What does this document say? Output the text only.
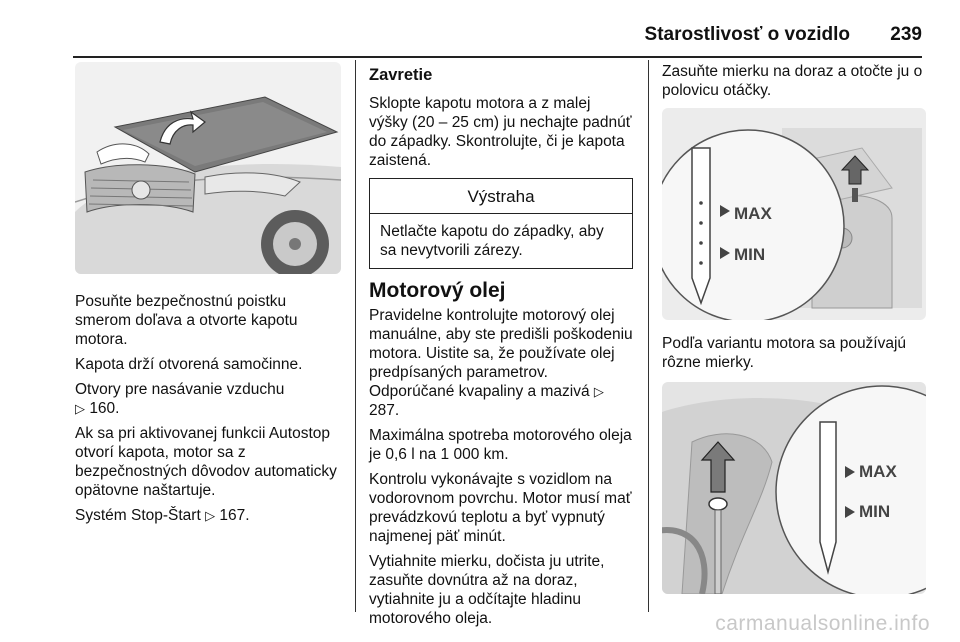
Starostlivosť o vozidlo 239

Posuňte bezpečnostnú poistku smerom doľava a otvorte kapotu motora.

Kapota drží otvorená samočinne.

Otvory pre nasávanie vzduchu
▷ 160.

Ak sa pri aktivovanej funkcii Autostop otvorí kapota, motor sa z bezpečnostných dôvodov automaticky opätovne naštartuje.

Systém Stop-Štart ▷ 167.

Zavretie

Sklopte kapotu motora a z malej výšky (20 – 25 cm) ju nechajte padnúť do západky. Skontrolujte, či je kapota zaistená.

Výstraha
Netlačte kapotu do západky, aby sa nevytvorili zárezy.
Motorový olej

Pravidelne kontrolujte motorový olej manuálne, aby ste predišli poškodeniu motora. Uistite sa, že používate olej predpísaných parametrov. Odporúčané kvapaliny a mazivá ▷ 287.

Maximálna spotreba motorového oleja je 0,6 l na 1 000 km.

Kontrolu vykonávajte s vozidlom na vodorovnom povrchu. Motor musí mať prevádzkovú teplotu a byť vypnutý najmenej päť minút.

Vytiahnite mierku, dočista ju utrite, zasuňte dovnútra až na doraz, vytiahnite ju a odčítajte hladinu motorového oleja.

Zasuňte mierku na doraz a otočte ju o polovicu otáčky.

MAX
MIN

Podľa variantu motora sa používajú rôzne mierky.

MAX
MIN
carmanualsonline.info
